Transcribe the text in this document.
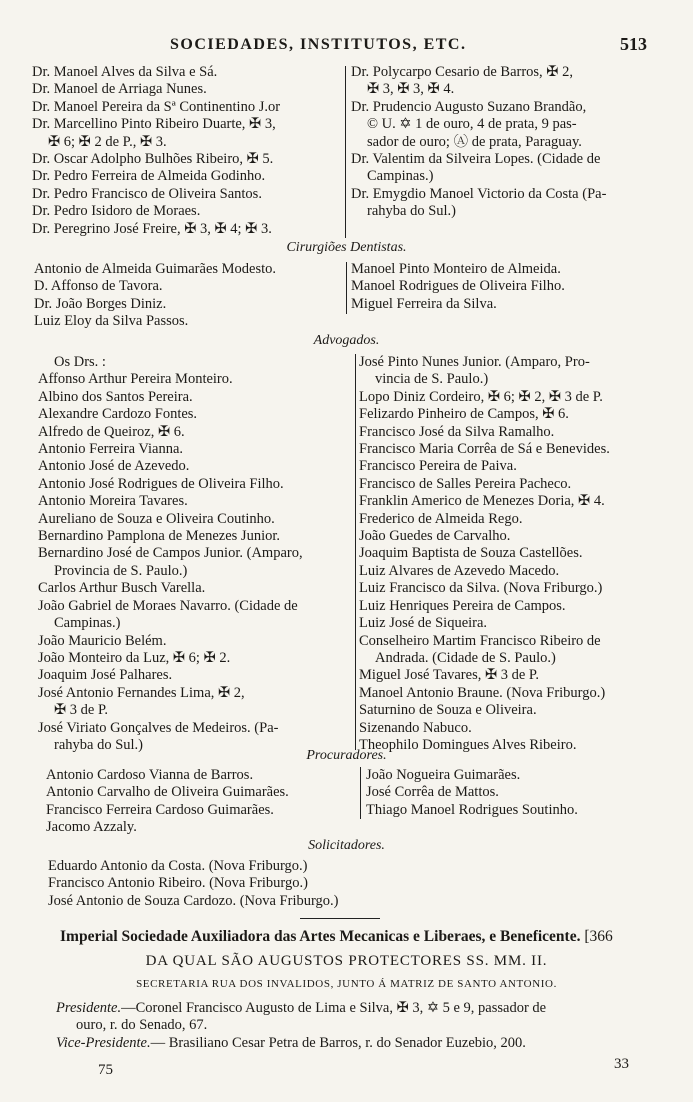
SOCIEDADES, INSTITUTOS, ETC.	513
Dr. Manoel Alves da Silva e Sá.
Dr. Manoel de Arriaga Nunes.
Dr. Manoel Pereira da Sª Continentino J.or
Dr. Marcellino Pinto Ribeiro Duarte, ✠ 3,
✠ 6; ✠ 2 de P., ✠ 3.
Dr. Oscar Adolpho Bulhões Ribeiro, ✠ 5.
Dr. Pedro Ferreira de Almeida Godinho.
Dr. Pedro Francisco de Oliveira Santos.
Dr. Pedro Isidoro de Moraes.
Dr. Peregrino José Freire, ✠ 3, ✠ 4; ✠ 3.
Dr. Polycarpo Cesario de Barros, ✠ 2,
✠ 3, ✠ 3, ✠ 4.
Dr. Prudencio Augusto Suzano Brandão,
© U. ✡ 1 de ouro, 4 de prata, 9 pas-
sador de ouro; Ⓐ de prata, Paraguay.
Dr. Valentim da Silveira Lopes. (Cidade de
Campinas.)
Dr. Emygdio Manoel Victorio da Costa (Pa-
rahyba do Sul.)
Cirurgiões Dentistas.
Antonio de Almeida Guimarães Modesto.
D. Affonso de Tavora.
Dr. João Borges Diniz.
Luiz Eloy da Silva Passos.
Manoel Pinto Monteiro de Almeida.
Manoel Rodrigues de Oliveira Filho.
Miguel Ferreira da Silva.
Advogados.
Os Drs. :
Affonso Arthur Pereira Monteiro.
Albino dos Santos Pereira.
Alexandre Cardozo Fontes.
Alfredo de Queiroz, ✠ 6.
Antonio Ferreira Vianna.
Antonio José de Azevedo.
Antonio José Rodrigues de Oliveira Filho.
Antonio Moreira Tavares.
Aureliano de Souza e Oliveira Coutinho.
Bernardino Pamplona de Menezes Junior.
Bernardino José de Campos Junior. (Amparo,
Provincia de S. Paulo.)
Carlos Arthur Busch Varella.
João Gabriel de Moraes Navarro. (Cidade de
Campinas.)
João Mauricio Belém.
João Monteiro da Luz, ✠ 6; ✠ 2.
Joaquim José Palhares.
José Antonio Fernandes Lima, ✠ 2,
✠ 3 de P.
José Viriato Gonçalves de Medeiros. (Pa-
rahyba do Sul.)
José Pinto Nunes Junior. (Amparo, Pro-
vincia de S. Paulo.)
Lopo Diniz Cordeiro, ✠ 6; ✠ 2, ✠ 3 de P.
Felizardo Pinheiro de Campos, ✠ 6.
Francisco José da Silva Ramalho.
Francisco Maria Corrêa de Sá e Benevides.
Francisco Pereira de Paiva.
Francisco de Salles Pereira Pacheco.
Franklin Americo de Menezes Doria, ✠ 4.
Frederico de Almeida Rego.
João Guedes de Carvalho.
Joaquim Baptista de Souza Castellões.
Luiz Alvares de Azevedo Macedo.
Luiz Francisco da Silva. (Nova Friburgo.)
Luiz Henriques Pereira de Campos.
Luiz José de Siqueira.
Conselheiro Martim Francisco Ribeiro de
Andrada. (Cidade de S. Paulo.)
Miguel José Tavares, ✠ 3 de P.
Manoel Antonio Braune. (Nova Friburgo.)
Saturnino de Souza e Oliveira.
Sizenando Nabuco.
Theophilo Domingues Alves Ribeiro.
Procuradores.
Antonio Cardoso Vianna de Barros.
Antonio Carvalho de Oliveira Guimarães.
Francisco Ferreira Cardoso Guimarães.
Jacomo Azzaly.
João Nogueira Guimarães.
José Corrêa de Mattos.
Thiago Manoel Rodrigues Soutinho.
Solicitadores.
Eduardo Antonio da Costa. (Nova Friburgo.)
Francisco Antonio Ribeiro. (Nova Friburgo.)
José Antonio de Souza Cardozo. (Nova Friburgo.)
Imperial Sociedade Auxiliadora das Artes Mecanicas e Liberaes, e Beneficente. [366
DA QUAL SÃO AUGUSTOS PROTECTORES SS. MM. II.
SECRETARIA RUA DOS INVALIDOS, JUNTO Á MATRIZ DE SANTO ANTONIO.
Presidente.—Coronel Francisco Augusto de Lima e Silva, ✠ 3, ✡ 5 e 9, passador de
ouro, r. do Senado, 67.
Vice-Presidente.— Brasiliano Cesar Petra de Barros, r. do Senador Euzebio, 200.
75	33
